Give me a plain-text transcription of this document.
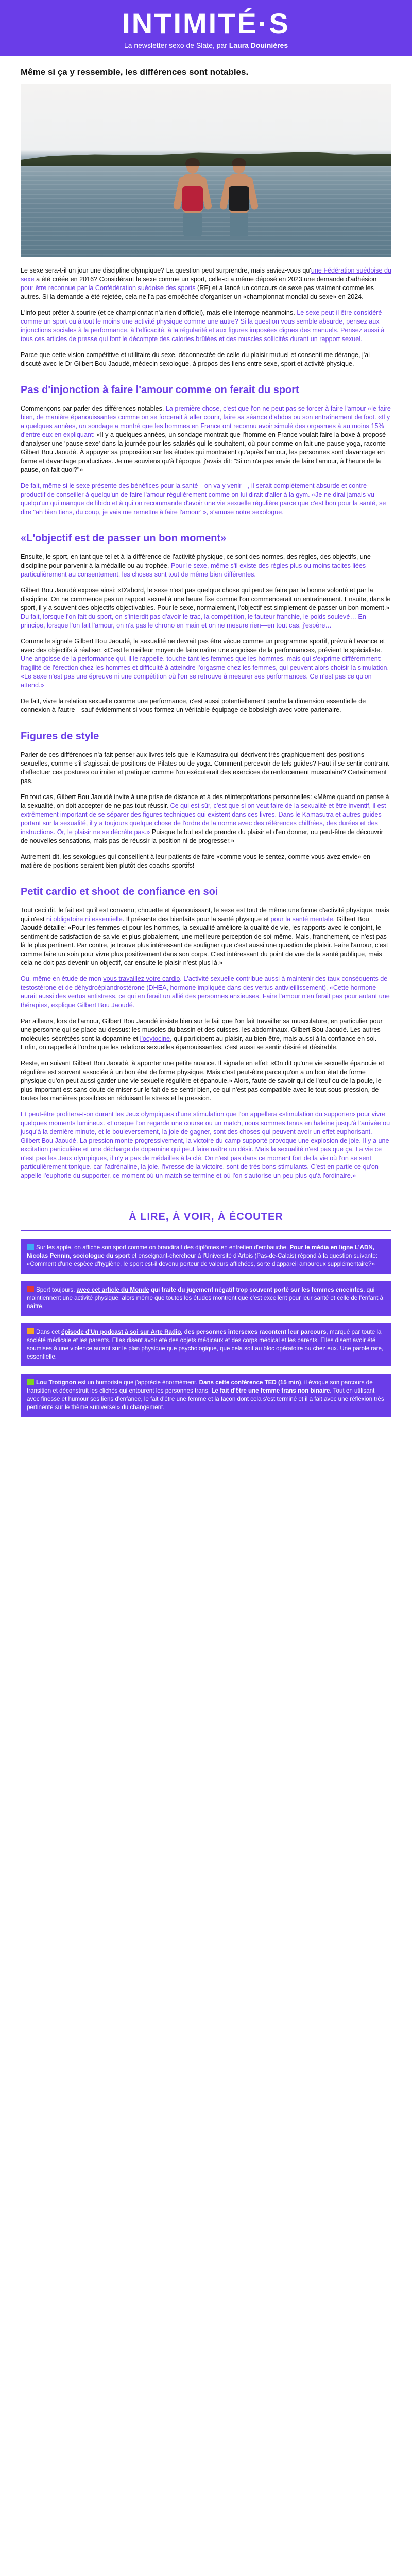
INTIMITÉ·S
La newsletter sexo de Slate, par Laura Douinières
Même si ça y ressemble, les différences sont notables.

Le sexe sera-t-il un jour une discipline olympique? La question peut surprendre, mais saviez-vous qu'une Fédération suédoise du sexe a été créée en 2016? Considérant le sexe comme un sport, celle-ci a même déposé en 2023 une demande d'adhésion pour être reconnue par la Confédération suédoise des sports (RF) et a lancé un concours de sexe pas vraiment comme les autres. Si la demande a été rejetée, cela ne l'a pas empêchée d'organiser un «championnat mondial du sexe» en 2024.

L'info peut prêter à sourire (et ce championnat n'a rien d'officiel), mais elle interroge néanmoins. Le sexe peut-il être considéré comme un sport ou à tout le moins une activité physique comme une autre? Si la question vous semble absurde, pensez aux injonctions sociales à la performance, à l'efficacité, à la régularité et aux figures imposées dignes des manuels. Pensez aussi à tous ces articles de presse qui font le décompte des calories brûlées et des muscles sollicités durant un rapport sexuel.

Parce que cette vision compétitive et utilitaire du sexe, déconnectée de celle du plaisir mutuel et consenti me dérange, j'ai discuté avec le Dr Gilbert Bou Jaoudé, médecin sexologue, à propos des liens entre sexe, sport et activité physique.

Pas d'injonction à faire l'amour comme on ferait du sport

Commençons par parler des différences notables. La première chose, c'est que l'on ne peut pas se forcer à faire l'amour «le faire bien, de manière épanouissante» comme on se forcerait à aller courir, faire sa séance d'abdos ou son entraînement de foot. «Il y a quelques années, un sondage a montré que les hommes en France ont reconnu avoir simulé des orgasmes à au moins 15% d'entre eux en expliquant: «Il y a quelques années, un sondage montrait que l'homme en France voulait faire la boxe à proposé d'analyser une 'pause sexe' dans la journée pour les salariés qui le souhaitent, où pour comme on fait une pause yoga, raconte Gilbert Bou Jaoudé. À appuyer sa proposition sur les études qui montraient qu'après l'amour, les personnes sont davantage en forme et davantage productives. Je me souviens qu'à l'époque, j'avais dit: "Si on n'a pas envie de faire l'amour, à l'heure de la pause, on fait quoi?"»

De fait, même si le sexe présente des bénéfices pour la santé—on va y venir—, il serait complètement absurde et contre-productif de conseiller à quelqu'un de faire l'amour régulièrement comme on lui dirait d'aller à la gym. «Je ne dirai jamais vu quelqu'un qui manque de libido et à qui on recommande d'avoir une vie sexuelle régulière parce que c'est bon pour la santé, se dire "ah bien tiens, du coup, je vais me remettre à faire l'amour"», s'amuse notre sexologue.

«L'objectif est de passer un bon moment»

Ensuite, le sport, en tant que tel et à la différence de l'activité physique, ce sont des normes, des règles, des objectifs, une discipline pour parvenir à la médaille ou au trophée. Pour le sexe, même s'il existe des règles plus ou moins tacites liées particulièrement au consentement, les choses sont tout de même bien différentes.

Gilbert Bou Jaoudé expose ainsi: «D'abord, le sexe n'est pas quelque chose qui peut se faire par la bonne volonté et par la discipline. On ne commence pas un rapport sexuel à une heure fixe comme l'on commencerait un entraînement. Ensuite, dans le sport, il y a souvent des objectifs objectivables. Pour le sexe, normalement, l'objectif est simplement de passer un bon moment.» Du fait, lorsque l'on fait du sport, on s'interdit pas d'avoir le trac, la compétition, le fauteur franchie, le poids soulevé… En principe, lorsque l'on fait l'amour, on n'a pas le chrono en main et on ne mesure rien—en tout cas, j'espère…

Comme le signale Gilbert Bou Jaoudé, la sexualité ne devrait pas être vécue comme un programme sportif, prévu à l'avance et avec des objectifs à réaliser. «C'est le meilleur moyen de faire naître une angoisse de la performance», prévient le spécialiste. Une angoisse de la performance qui, il le rappelle, touche tant les femmes que les hommes, mais qui s'exprime différemment: fragilité de l'érection chez les hommes et difficulté à atteindre l'orgasme chez les femmes, qui peuvent alors choisir la simulation. «Le sexe n'est pas une épreuve ni une compétition où l'on se retrouve à mesurer ses performances. Ce n'est pas ce qu'on attend.»

De fait, vivre la relation sexuelle comme une performance, c'est aussi potentiellement perdre la dimension essentielle de connexion à l'autre—sauf évidemment si vous formez un véritable équipage de bobsleigh avec votre partenaire.

Figures de style

Parler de ces différences n'a fait penser aux livres tels que le Kamasutra qui décrivent très graphiquement des positions sexuelles, comme s'il s'agissait de positions de Pilates ou de yoga. Comment percevoir de tels guides? Faut-il se sentir contraint d'effectuer ces postures ou imiter et pratiquer comme l'on exécuterait des exercices de renforcement musculaire? Certainement pas.

En tout cas, Gilbert Bou Jaoudé invite à une prise de distance et à des réinterprétations personnelles: «Même quand on pense à la sexualité, on doit accepter de ne pas tout réussir. Ce qui est sûr, c'est que si on veut faire de la sexualité et être inventif, il est extrêmement important de se séparer des figures techniques qui existent dans ces livres. Dans le Kamasutra et autres guides portant sur la sexualité, il y a toujours quelque chose de l'ordre de la norme avec des références chiffrées, des durées et des instructions. Or, le plaisir ne se décrète pas.» Puisque le but est de prendre du plaisir et d'en donner, ou peut-être de découvrir de nouvelles sensations, mais pas de réussir la position ni de progresser.»

Autrement dit, les sexologues qui conseillent à leur patients de faire «comme vous le sentez, comme vous avez envie» en matière de positions seraient bien plutôt des coachs sportifs!

Petit cardio et shoot de confiance en soi

Tout ceci dit, le fait est qu'il est convenu, chouette et épanouissant, le sexe est tout de même une forme d'activité physique, mais qui n'est ni obligatoire ni essentielle. Il présente des bienfaits pour la santé physique et pour la santé mentale. Gilbert Bou Jaoudé détaille: «Pour les femmes et pour les hommes, la sexualité améliore la qualité de vie, les rapports avec le conjoint, le sentiment de satisfaction de sa vie et plus globalement, une meilleure perception de soi-même. Mais, franchement, ce n'est pas là le plus pertinent. Par contre, je trouve plus intéressant de souligner que c'est aussi une question de plaisir. Faire l'amour, c'est comme faire un soin pour vivre plus positivement dans son corps. C'est intéressant du point de vue de la santé publique, mais cela ne doit pas devenir un objectif, car ensuite le plaisir n'est plus là.»

Ou, même en étude de mon vous travaillez votre cardio. L'activité sexuelle contribue aussi à maintenir des taux conséquents de testostérone et de déhydroépiandrostérone (DHEA, hormone impliquée dans des vertus antivieillissement). «Cette hormone aurait aussi des vertus antistress, ce qui en ferait un allié des personnes anxieuses. Faire l'amour n'en ferait pas pour autant une thérapie», explique Gilbert Bou Jaoudé.

Par ailleurs, lors de l'amour, Gilbert Bou Jaoudé insiste bien sur le fait que l'on fait travailler sa musculature, en particulier pour une personne qui se place au-dessus: les muscles du bassin et des cuisses, les abdominaux. Gilbert Bou Jaoudé. Les autres molécules sécrétées sont la dopamine et l'ocytocine, qui participent au plaisir, au bien-être, mais aussi à la confiance en soi. Enfin, on rappelle à l'ordre que les relations sexuelles épanouissantes, c'est aussi se sentir désiré et désirable.

Reste, en suivant Gilbert Bou Jaoudé, à apporter une petite nuance. Il signale en effet: «On dit qu'une vie sexuelle épanouie et régulière est souvent associée à un bon état de forme physique. Mais c'est peut-être parce qu'on a un bon état de forme physique qu'on peut aussi garder une vie sexuelle régulière et épanouie.» Alors, faute de savoir qui de l'œuf ou de la poule, le plus important est sans doute de miser sur le fait de se sentir bien, ce qui n'est pas compatible avec le tout sous pression, de toutes les manières possibles en réduisant le stress et la pression.

Et peut-être profitera-t-on durant les Jeux olympiques d'une stimulation que l'on appellera «stimulation du supporter» pour vivre quelques moments lumineux. «Lorsque l'on regarde une course ou un match, nous sommes tenus en haleine jusqu'à l'arrivée ou jusqu'à la dernière minute, et le bouleversement, la joie de gagner, sont des choses qui peuvent avoir un effet euphorisant. Gilbert Bou Jaoudé. La pression monte progressivement, la victoire du camp supporté provoque une explosion de joie. Il y a une excitation particulière et une décharge de dopamine qui peut faire naître un désir. Mais la sexualité n'est pas que ça. La vie ce n'est pas les Jeux olympiques, il n'y a pas de médailles à la clé. On n'est pas dans ce moment fort de la vie où l'on se sent particulièrement tonique, car l'adrénaline, la joie, l'ivresse de la victoire, sont de très bons stimulants. C'est en partie ce qu'on appelle l'euphorie du supporter, ce moment où un match se termine et où l'on s'autorise un peu plus qu'à l'ordinaire.»

À LIRE, À VOIR, À ÉCOUTER
Sur les apple, on affiche son sport comme on brandirait des diplômes en entretien d'embauche. Pour le média en ligne L'ADN, Nicolas Pennin, sociologue du sport et enseignant-chercheur à l'Université d'Artois (Pas-de-Calais) répond à la question suivante: «Comment d'une espèce d'hygiène, le sport est-il devenu porteur de valeurs affichées, sorte d'appareil amoureux supplémentaire?»
Sport toujours, avec cet article du Monde qui traite du jugement négatif trop souvent porté sur les femmes enceintes, qui maintiennent une activité physique, alors même que toutes les études montrent que c'est excellent pour leur santé et celle de l'enfant à naître.
Dans cet épisode d'Un podcast à soi sur Arte Radio, des personnes intersexes racontent leur parcours, marqué par toute la société médicale et les parents. Elles disent avoir été des objets médicaux et des corps médical et les parents. Elles disent avoir été soumises à une violence autant sur le plan physique que psychologique, que cela soit au bloc opératoire ou chez eux. Une parole rare, essentielle.
Lou Trotignon est un humoriste que j'apprécie énormément. Dans cette conférence TED (15 min), il évoque son parcours de transition et déconstruit les clichés qui entourent les personnes trans. Le fait d'être une femme trans non binaire. Tout en utilisant avec finesse et humour ses liens d'enfance, le fait d'être une femme et la façon dont cela s'est terminé et il a fait avec une réflexion très pertinente sur le thème «universel» du changement.
